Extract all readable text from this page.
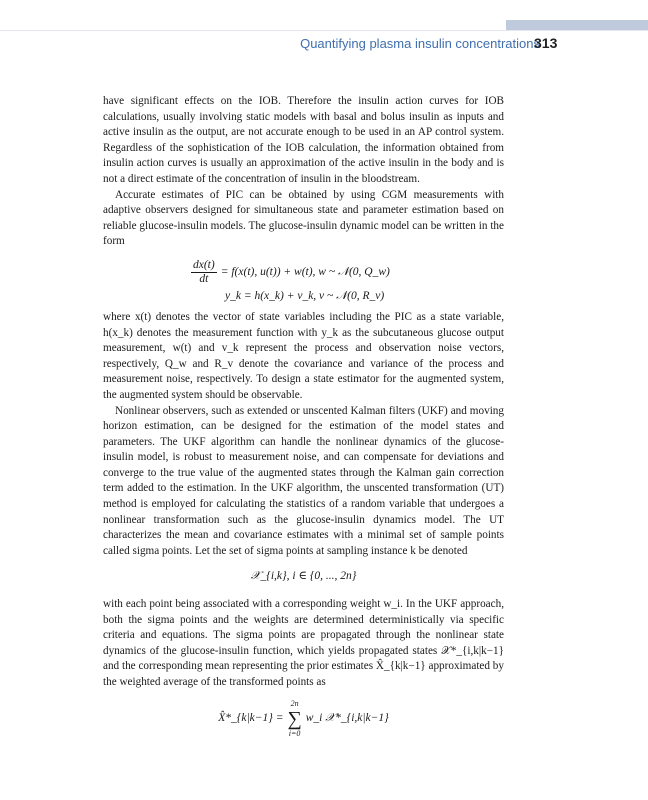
Quantifying plasma insulin concentrations
313

have significant effects on the IOB. Therefore the insulin action curves for IOB calculations, usually involving static models with basal and bolus insulin as inputs and active insulin as the output, are not accurate enough to be used in an AP control system. Regardless of the sophistication of the IOB calculation, the information obtained from insulin action curves is usually an approximation of the active insulin in the body and is not a direct estimate of the concentration of insulin in the bloodstream.

Accurate estimates of PIC can be obtained by using CGM measurements with adaptive observers designed for simultaneous state and parameter estimation based on reliable glucose-insulin models. The glucose-insulin dynamic model can be written in the form

$\frac{dx(t)}{dt} = f(x(t)$, u(t)) + w(t), w ~ 𝒩(0, Q_w)
y_k = h(x_k) + v_k, v ~ 𝒩(0, R_v)

where x(t) denotes the vector of state variables including the PIC as a state variable, h(x_k) denotes the measurement function with y_k as the subcutaneous glucose output measurement, w(t) and v_k represent the process and observation noise vectors, respectively, Q_w and R_v denote the covariance and variance of the process and measurement noise, respectively. To design a state estimator for the augmented system, the augmented system should be observable.

Nonlinear observers, such as extended or unscented Kalman filters (UKF) and moving horizon estimation, can be designed for the estimation of the model states and parameters. The UKF algorithm can handle the nonlinear dynamics of the glucose-insulin model, is robust to measurement noise, and can compensate for deviations and converge to the true value of the augmented states through the Kalman gain correction term added to the estimation. In the UKF algorithm, the unscented transformation (UT) method is employed for calculating the statistics of a random variable that undergoes a nonlinear transformation such as the glucose-insulin dynamics model. The UT characterizes the mean and covariance estimates with a minimal set of sample points called sigma points. Let the set of sigma points at sampling instance k be denoted

𝒳_{i,k}, i ∈ {0, ..., 2n}

with each point being associated with a corresponding weight w_i. In the UKF approach, both the sigma points and the weights are determined deterministically via specific criteria and equations. The sigma points are propagated through the nonlinear state dynamics of the glucose-insulin function, which yields propagated states 𝒳*_{i,k|k−1} and the corresponding mean representing the prior estimates X̂_{k|k−1} approximated by the weighted average of the transformed points as

X̂*_{k|k−1} =
2n
∑
i=0
w_i 𝒳*_{i,k|k−1}
